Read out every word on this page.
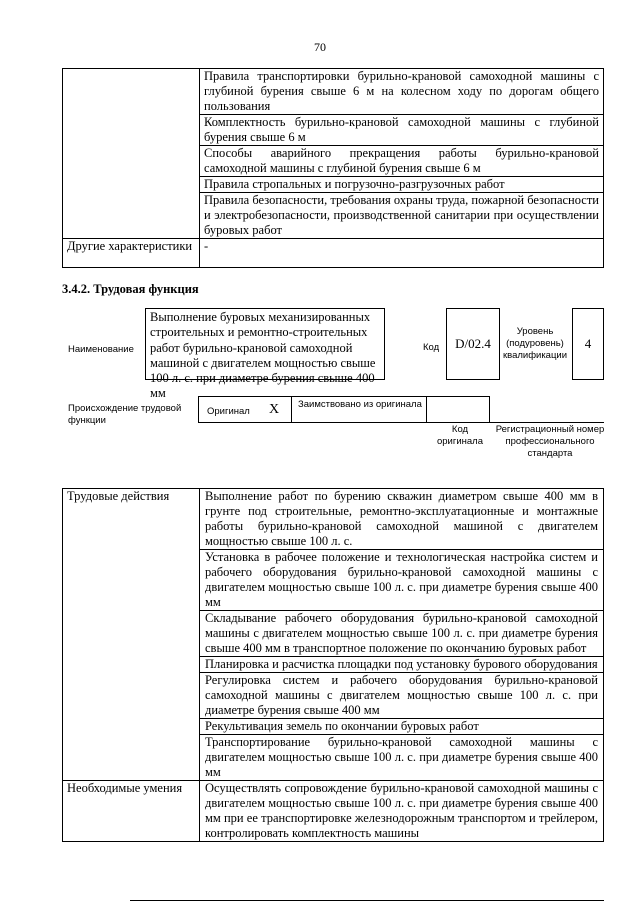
70
	Правила транспортировки бурильно-крановой самоходной машины с глубиной бурения свыше 6 м на колесном ходу по дорогам общего пользования
	Комплектность бурильно-крановой самоходной машины с глубиной бурения свыше 6 м
	Способы аварийного прекращения работы бурильно-крановой самоходной машины с глубиной бурения свыше 6 м
	Правила стропальных и погрузочно-разгрузочных работ
	Правила безопасности, требования охраны труда, пожарной безопасности и электробезопасности, производственной санитарии при осуществлении буровых работ
Другие характеристики	-
3.4.2. Трудовая функция
Наименование
Выполнение буровых механизированных строительных и ремонтно-строительных работ бурильно-крановой самоходной машиной с двигателем мощностью свыше 100 л. с. при диаметре бурения свыше 400 мм
Код	D/02.4
Уровень (подуровень) квалификации
4
Происхождение трудовой функции
Оригинал X Заимствовано из оригинала
Код оригинала
Регистрационный номер профессионального стандарта
Трудовые действия	Выполнение работ по бурению скважин диаметром свыше 400 мм в грунте под строительные, ремонтно-эксплуатационные и монтажные работы бурильно-крановой самоходной машиной с двигателем мощностью свыше 100 л. с.
	Установка в рабочее положение и технологическая настройка систем и рабочего оборудования бурильно-крановой самоходной машины с двигателем мощностью свыше 100 л. с. при диаметре бурения свыше 400 мм
	Складывание рабочего оборудования бурильно-крановой самоходной машины с двигателем мощностью свыше 100 л. с. при диаметре бурения свыше 400 мм в транспортное положение по окончанию буровых работ
	Планировка и расчистка площадки под установку бурового оборудования
	Регулировка систем и рабочего оборудования бурильно-крановой самоходной машины с двигателем мощностью свыше 100 л. с. при диаметре бурения свыше 400 мм
	Рекультивация земель по окончании буровых работ
	Транспортирование бурильно-крановой самоходной машины с двигателем мощностью свыше 100 л. с. при диаметре бурения свыше 400 мм
Необходимые умения	Осуществлять сопровождение бурильно-крановой самоходной машины с двигателем мощностью свыше 100 л. с. при диаметре бурения свыше 400 мм при ее транспортировке железнодорожным транспортом и трейлером, контролировать комплектность машины
